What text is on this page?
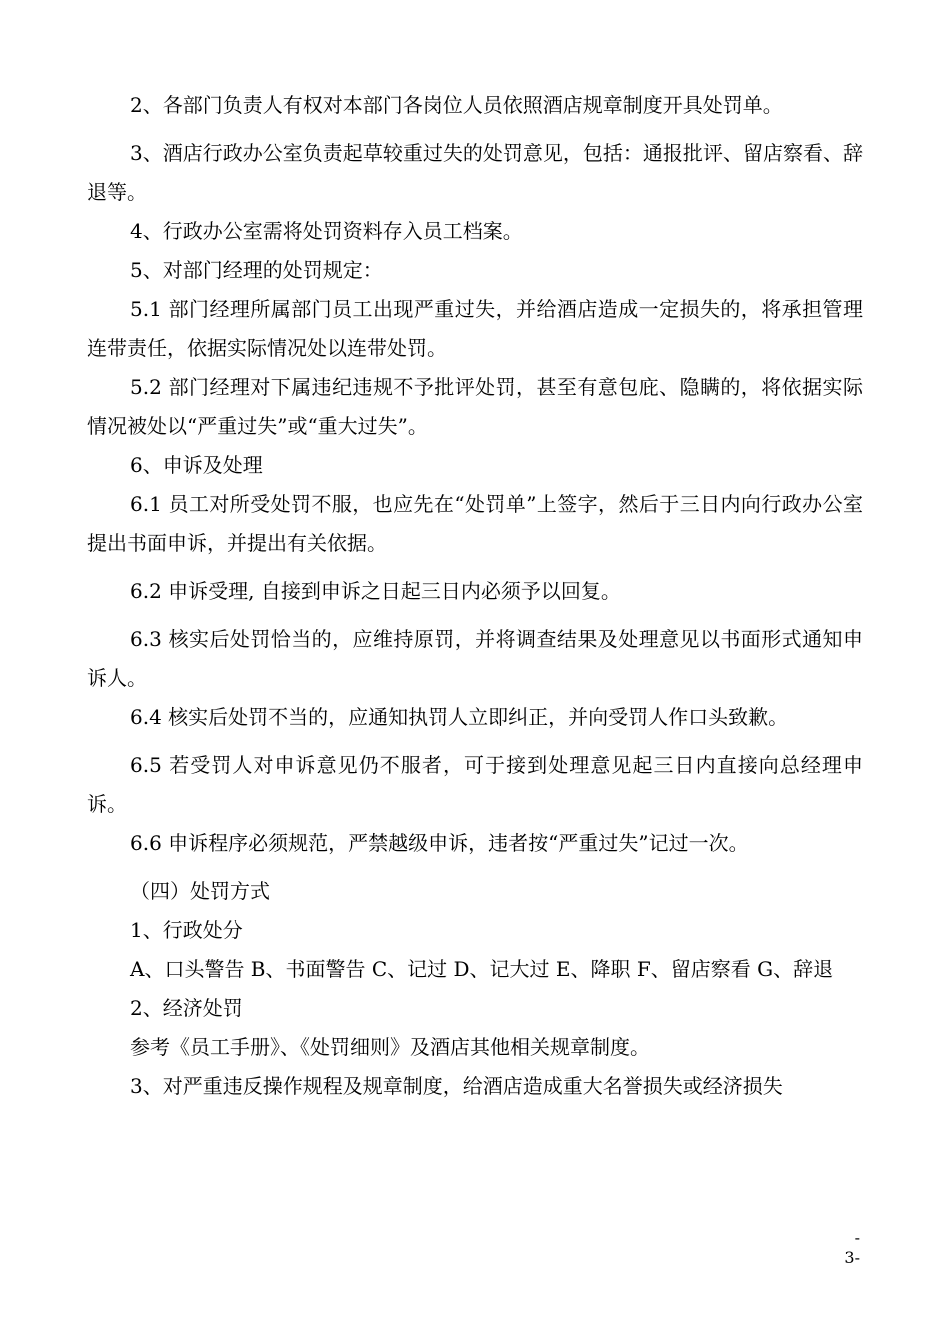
2、各部门负责人有权对本部门各岗位人员依照酒店规章制度开具处罚单。

3、酒店行政办公室负责起草较重过失的处罚意见，包括：通报批评、留店察看、辞退等。

4、行政办公室需将处罚资料存入员工档案。

5、对部门经理的处罚规定：

5.1 部门经理所属部门员工出现严重过失，并给酒店造成一定损失的，将承担管理连带责任，依据实际情况处以连带处罚。

5.2 部门经理对下属违纪违规不予批评处罚，甚至有意包庇、隐瞒的，将依据实际情况被处以“严重过失”或“重大过失”。

6、申诉及处理

6.1 员工对所受处罚不服，也应先在“处罚单”上签字，然后于三日内向行政办公室提出书面申诉，并提出有关依据。

6.2 申诉受理, 自接到申诉之日起三日内必须予以回复。

6.3 核实后处罚恰当的，应维持原罚，并将调查结果及处理意见以书面形式通知申诉人。

6.4 核实后处罚不当的，应通知执罚人立即纠正，并向受罚人作口头致歉。

6.5 若受罚人对申诉意见仍不服者，可于接到处理意见起三日内直接向总经理申诉。

6.6 申诉程序必须规范，严禁越级申诉，违者按“严重过失”记过一次。

（四）处罚方式

1、行政处分

A、口头警告 B、书面警告 C、记过 D、记大过 E、降职 F、留店察看 G、辞退

2、经济处罚

参考《员工手册》、《处罚细则》及酒店其他相关规章制度。

3、对严重违反操作规程及规章制度，给酒店造成重大名誉损失或经济损失

-
3-
